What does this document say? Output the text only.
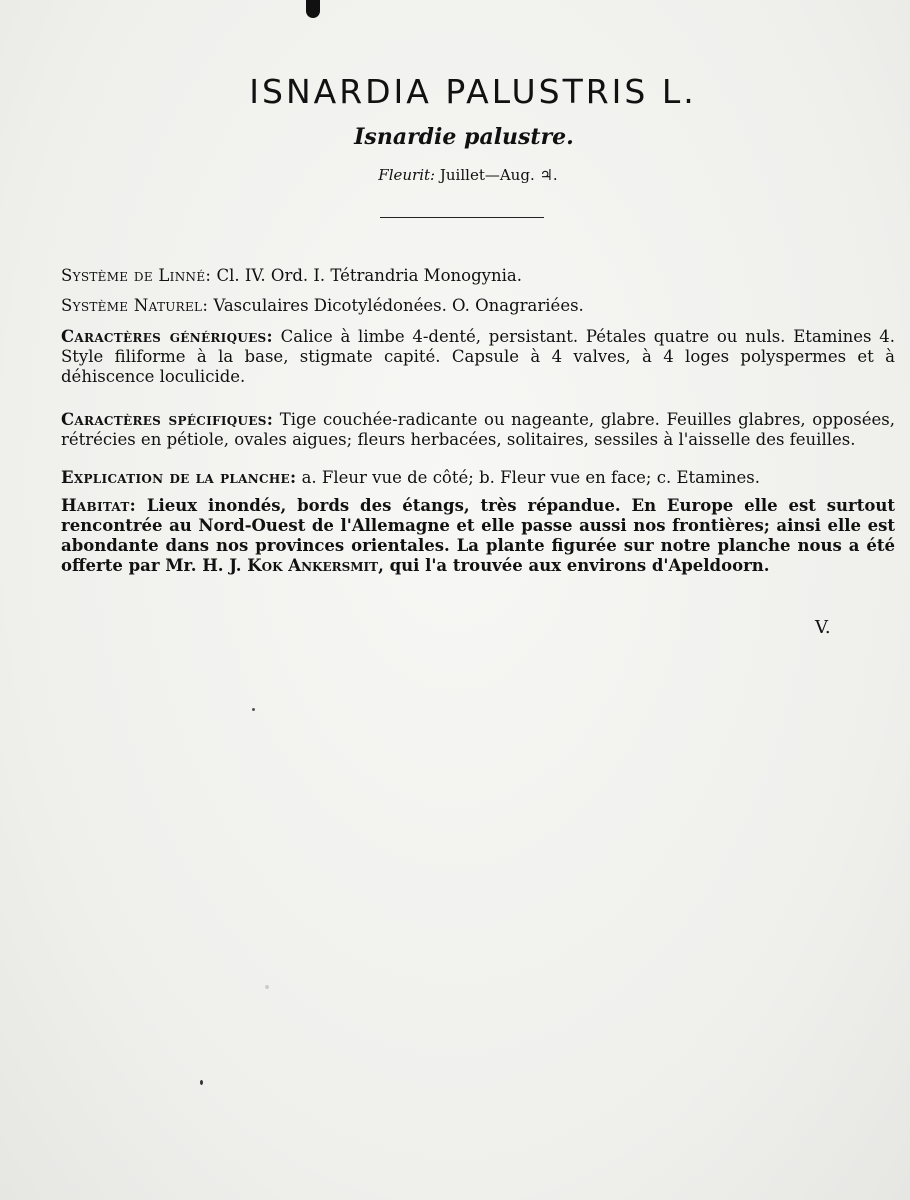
ISNARDIA PALUSTRIS L.
Isnardie palustre.
Fleurit: Juillet—Aug. ♃.
Système de Linné: Cl. IV. Ord. I. Tétrandria Monogynia.
Système Naturel: Vasculaires Dicotylédonées. O. Onagrariées.
Caractères génériques: Calice à limbe 4-denté, persistant. Pétales quatre ou nuls. Etamines 4. Style filiforme à la base, stigmate capité. Capsule à 4 valves, à 4 loges polyspermes et à déhiscence loculicide.
Caractères spécifiques: Tige couchée-radicante ou nageante, glabre. Feuilles glabres, opposées, rétrécies en pétiole, ovales aigues; fleurs herbacées, solitaires, sessiles à l'aisselle des feuilles.
Explication de la planche: a. Fleur vue de côté; b. Fleur vue en face; c. Etamines.
Habitat: Lieux inondés, bords des étangs, très répandue. En Europe elle est surtout rencontrée au Nord-Ouest de l'Allemagne et elle passe aussi nos frontières; ainsi elle est abondante dans nos provinces orientales. La plante figurée sur notre planche nous a été offerte par Mr. H. J. Kok Ankersmit, qui l'a trouvée aux environs d'Apeldoorn.
V.
